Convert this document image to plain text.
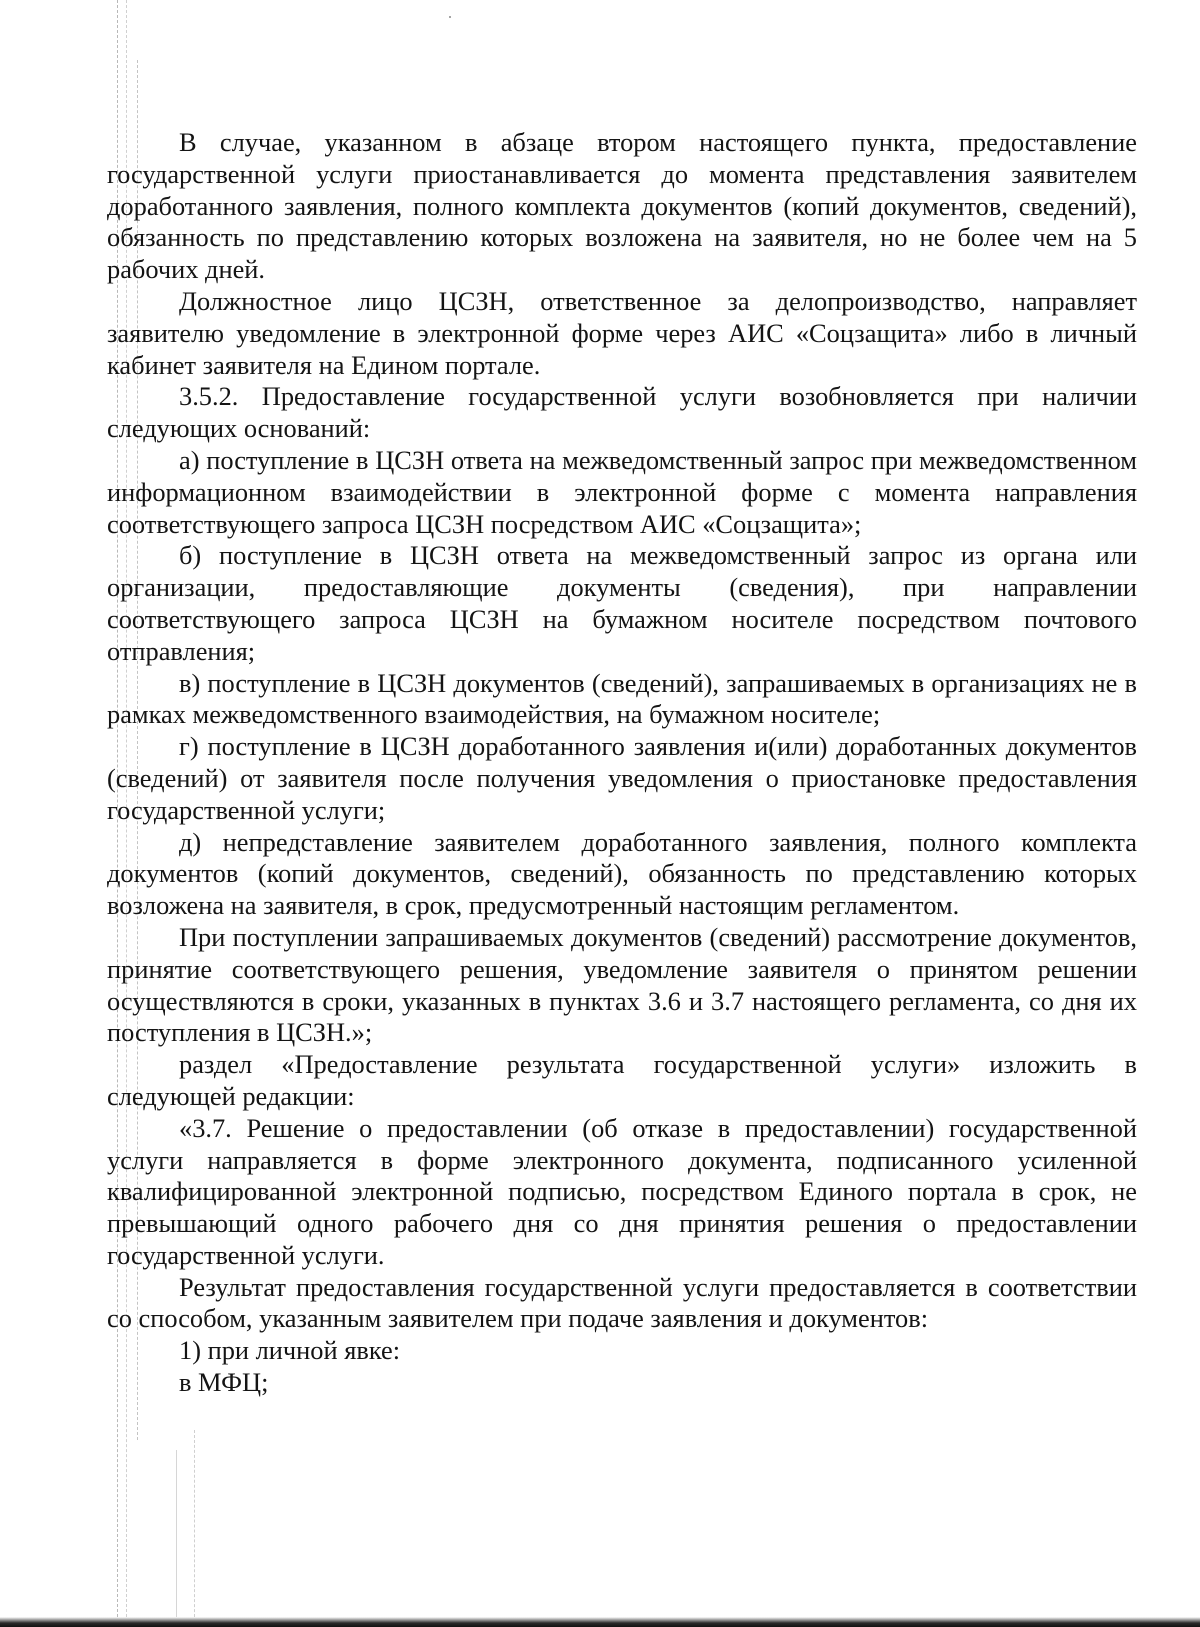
В случае, указанном в абзаце втором настоящего пункта, предоставление государственной услуги приостанавливается до момента представления заявителем доработанного заявления, полного комплекта документов (копий документов, сведений), обязанность по представлению которых возложена на заявителя, но не более чем на 5 рабочих дней.

Должностное лицо ЦСЗН, ответственное за делопроизводство, направляет заявителю уведомление в электронной форме через АИС «Соцзащита» либо в личный кабинет заявителя на Едином портале.

3.5.2. Предоставление государственной услуги возобновляется при наличии следующих оснований:

а) поступление в ЦСЗН ответа на межведомственный запрос при межведомственном информационном взаимодействии в электронной форме с момента направления соответствующего запроса ЦСЗН посредством АИС «Соцзащита»;

б) поступление в ЦСЗН ответа на межведомственный запрос из органа или организации, предоставляющие документы (сведения), при направлении соответствующего запроса ЦСЗН на бумажном носителе посредством почтового отправления;

в) поступление в ЦСЗН документов (сведений), запрашиваемых в организациях не в рамках межведомственного взаимодействия, на бумажном носителе;

г) поступление в ЦСЗН доработанного заявления и(или) доработанных документов (сведений) от заявителя после получения уведомления о приостановке предоставления государственной услуги;

д) непредставление заявителем доработанного заявления, полного комплекта документов (копий документов, сведений), обязанность по представлению которых возложена на заявителя, в срок, предусмотренный настоящим регламентом.

При поступлении запрашиваемых документов (сведений) рассмотрение документов, принятие соответствующего решения, уведомление заявителя о принятом решении осуществляются в сроки, указанных в пунктах 3.6 и 3.7 настоящего регламента, со дня их поступления в ЦСЗН.»;

раздел «Предоставление результата государственной услуги» изложить в следующей редакции:

«3.7. Решение о предоставлении (об отказе в предоставлении) государственной услуги направляется в форме электронного документа, подписанного усиленной квалифицированной электронной подписью, посредством Единого портала в срок, не превышающий одного рабочего дня со дня принятия решения о предоставлении государственной услуги.

Результат предоставления государственной услуги предоставляется в соответствии со способом, указанным заявителем при подаче заявления и документов:

1) при личной явке:

в МФЦ;
